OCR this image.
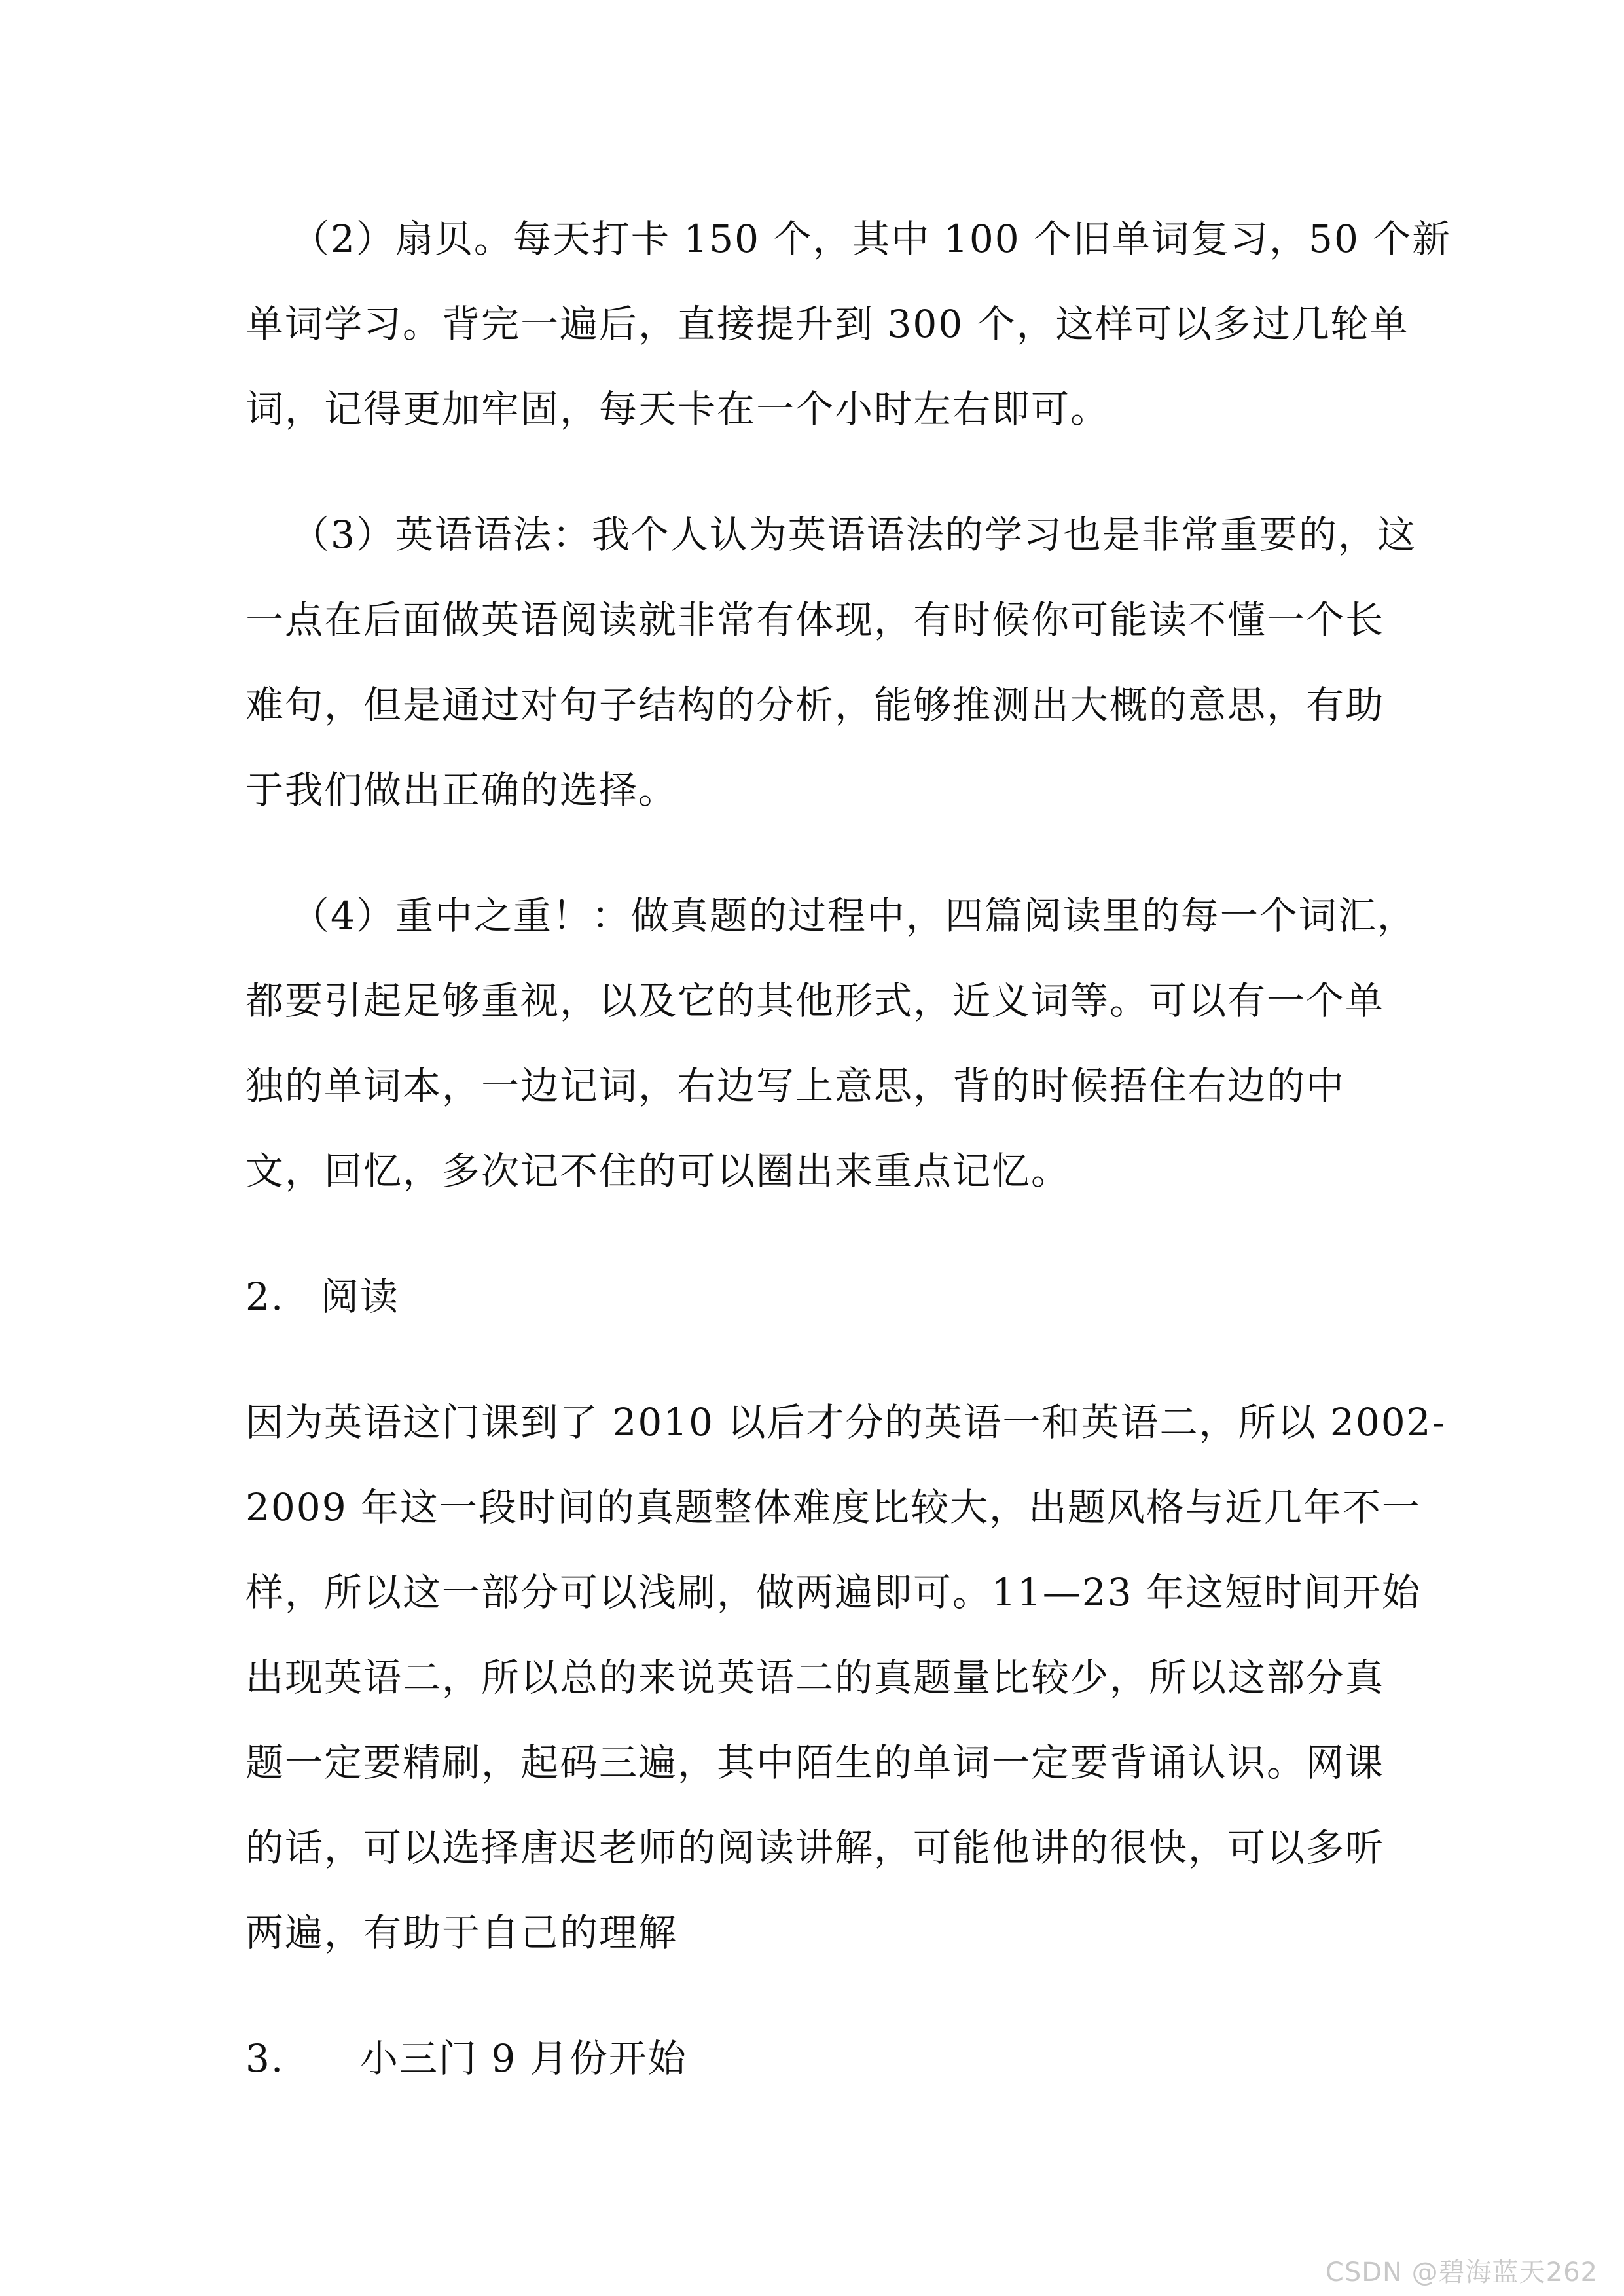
（2）扇贝。每天打卡 150 个，其中 100 个旧单词复习，50 个新
单词学习。背完一遍后，直接提升到 300 个，这样可以多过几轮单
词，记得更加牢固，每天卡在一个小时左右即可。
（3）英语语法：我个人认为英语语法的学习也是非常重要的，这
一点在后面做英语阅读就非常有体现，有时候你可能读不懂一个长
难句，但是通过对句子结构的分析，能够推测出大概的意思，有助
于我们做出正确的选择。
（4）重中之重！：做真题的过程中，四篇阅读里的每一个词汇，
都要引起足够重视，以及它的其他形式，近义词等。可以有一个单
独的单词本，一边记词，右边写上意思，背的时候捂住右边的中
文，回忆，多次记不住的可以圈出来重点记忆。
2. 阅读
因为英语这门课到了 2010 以后才分的英语一和英语二，所以 2002-
2009 年这一段时间的真题整体难度比较大，出题风格与近几年不一
样，所以这一部分可以浅刷，做两遍即可。11—23 年这短时间开始
出现英语二，所以总的来说英语二的真题量比较少，所以这部分真
题一定要精刷，起码三遍，其中陌生的单词一定要背诵认识。网课
的话，可以选择唐迟老师的阅读讲解，可能他讲的很快，可以多听
两遍，有助于自己的理解
3. 小三门 9 月份开始
CSDN @碧海蓝天262
